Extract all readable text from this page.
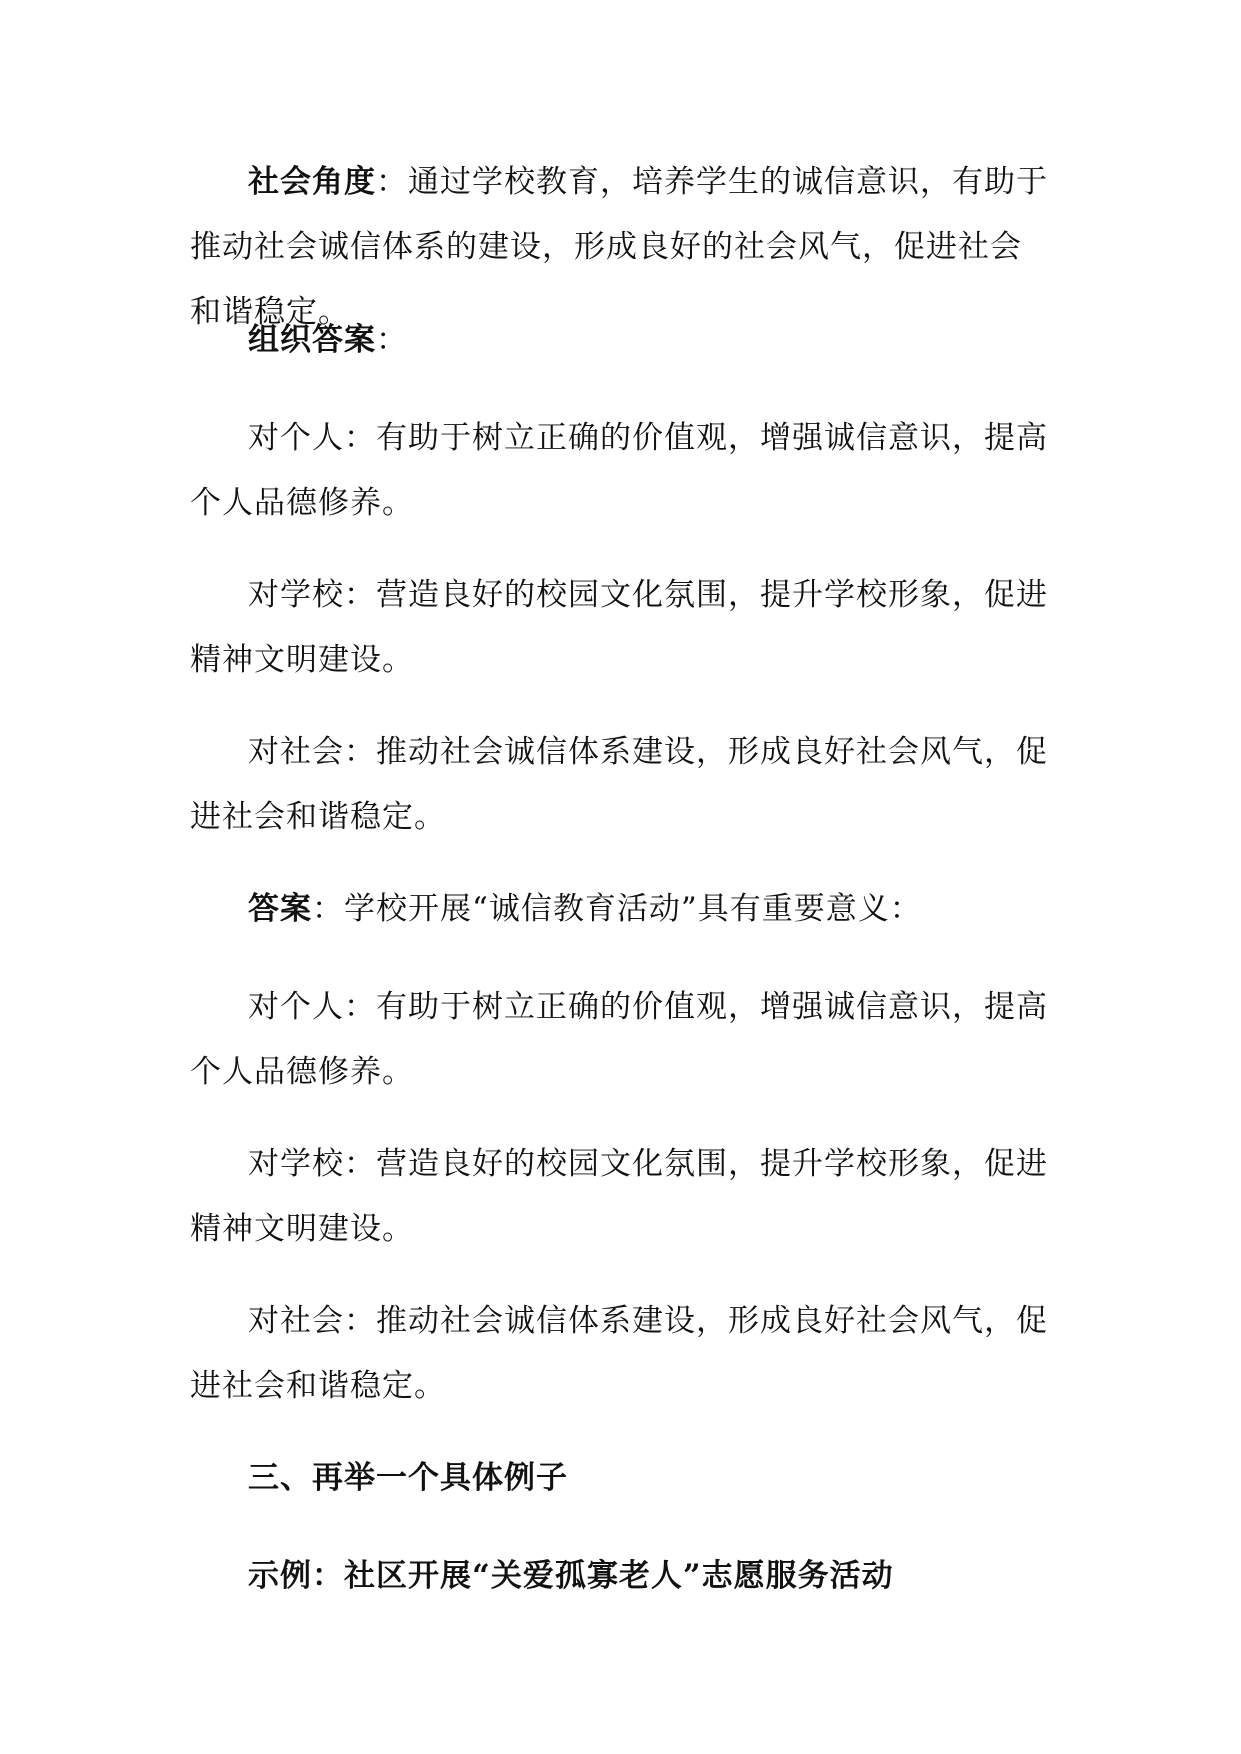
社会角度：通过学校教育，培养学生的诚信意识，有助于推动社会诚信体系的建设，形成良好的社会风气，促进社会和谐稳定。

组织答案：

对个人：有助于树立正确的价值观，增强诚信意识，提高个人品德修养。

对学校：营造良好的校园文化氛围，提升学校形象，促进精神文明建设。

对社会：推动社会诚信体系建设，形成良好社会风气，促进社会和谐稳定。

答案：学校开展“诚信教育活动”具有重要意义：

对个人：有助于树立正确的价值观，增强诚信意识，提高个人品德修养。

对学校：营造良好的校园文化氛围，提升学校形象，促进精神文明建设。

对社会：推动社会诚信体系建设，形成良好社会风气，促进社会和谐稳定。

三、再举一个具体例子

示例：社区开展“关爱孤寡老人”志愿服务活动
